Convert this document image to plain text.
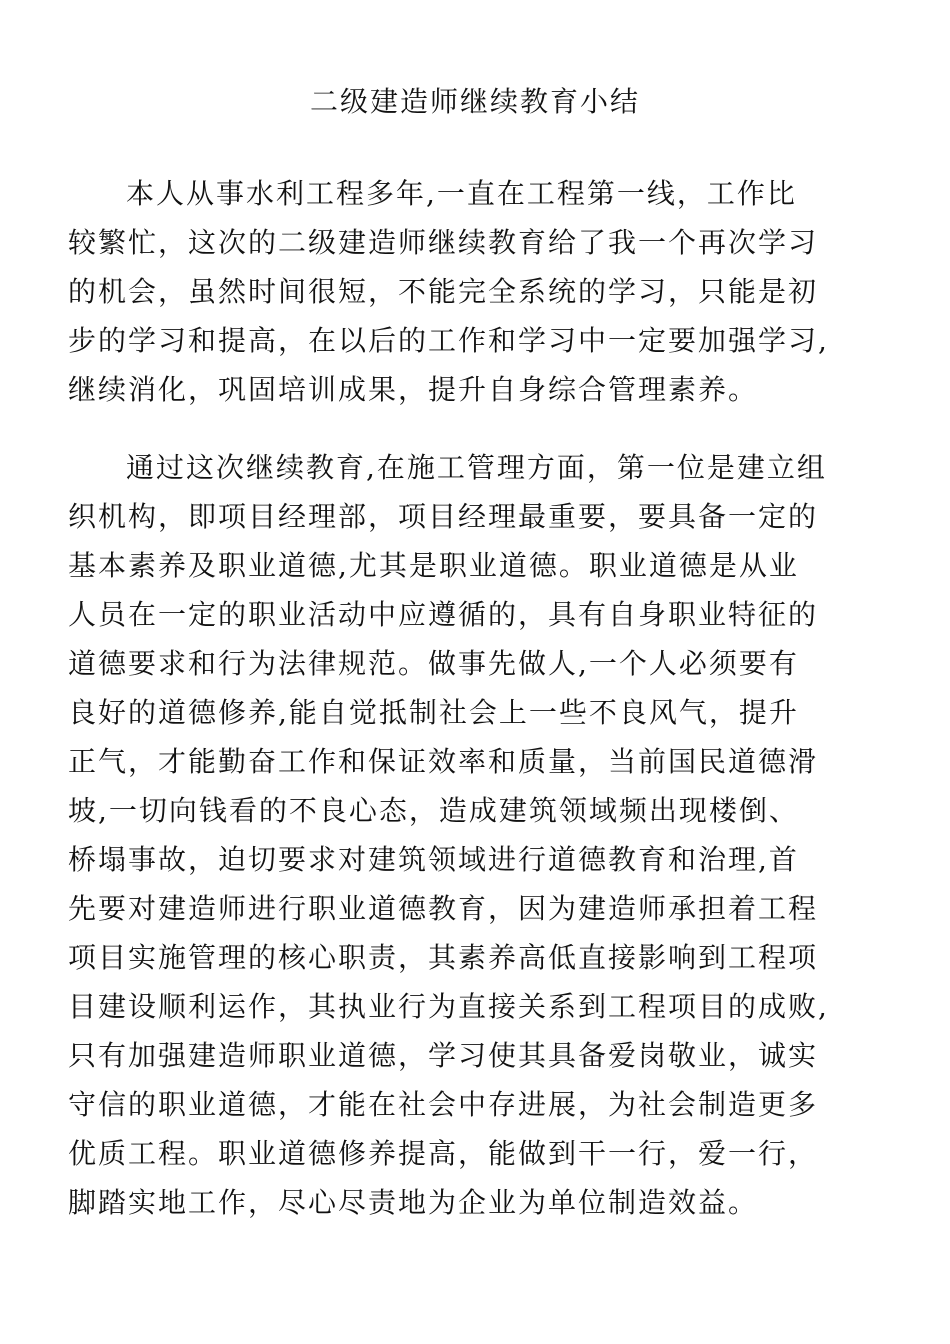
二级建造师继续教育小结
本人从事水利工程多年,一直在工程第一线，工作比
较繁忙，这次的二级建造师继续教育给了我一个再次学习
的机会，虽然时间很短，不能完全系统的学习，只能是初
步的学习和提高，在以后的工作和学习中一定要加强学习,
继续消化，巩固培训成果，提升自身综合管理素养。
通过这次继续教育,在施工管理方面，第一位是建立组
织机构，即项目经理部，项目经理最重要，要具备一定的
基本素养及职业道德,尤其是职业道德。职业道德是从业
人员在一定的职业活动中应遵循的，具有自身职业特征的
道德要求和行为法律规范。做事先做人,一个人必须要有
良好的道德修养,能自觉抵制社会上一些不良风气，提升
正气，才能勤奋工作和保证效率和质量，当前国民道德滑
坡,一切向钱看的不良心态，造成建筑领域频出现楼倒、
桥塌事故，迫切要求对建筑领域进行道德教育和治理,首
先要对建造师进行职业道德教育，因为建造师承担着工程
项目实施管理的核心职责，其素养高低直接影响到工程项
目建设顺利运作，其执业行为直接关系到工程项目的成败,
只有加强建造师职业道德，学习使其具备爱岗敬业，诚实
守信的职业道德，才能在社会中存进展，为社会制造更多
优质工程。职业道德修养提高，能做到干一行，爱一行，
脚踏实地工作，尽心尽责地为企业为单位制造效益。
